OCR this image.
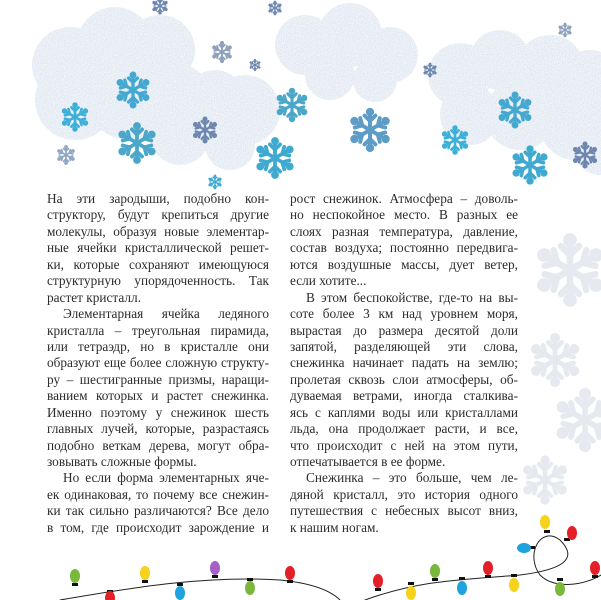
На эти зародыши, подобно кон-
структору, будут крепиться другие
молекулы, образуя новые элементар-
ные ячейки кристаллической решет-
ки, которые сохраняют имеющуюся
структурную упорядоченность. Так
растет кристалл.
Элементарная ячейка ледяного
кристалла – треугольная пирамида,
или тетраэдр, но в кристалле они
образуют еще более сложную структу-
ру – шестигранные призмы, наращи-
ванием которых и растет снежинка.
Именно поэтому у снежинок шесть
главных лучей, которые, разрастаясь
подобно веткам дерева, могут обра-
зовывать сложные формы.
Но если форма элементарных яче-
ек одинаковая, то почему все снежин-
ки так сильно различаются? Все дело
в том, где происходит зарождение и
рост снежинок. Атмосфера – доволь-
но неспокойное место. В разных ее
слоях разная температура, давление,
состав воздуха; постоянно передвига-
ются воздушные массы, дует ветер,
если хотите...
В этом беспокойстве, где-то на вы-
соте более 3 км над уровнем моря,
вырастая до размера десятой доли
запятой, разделяющей эти слова,
снежинка начинает падать на землю;
пролетая сквозь слои атмосферы, об-
дуваемая ветрами, иногда сталкива-
ясь с каплями воды или кристаллами
льда, она продолжает расти, и все,
что происходит с ней на этом пути,
отпечатывается в ее форме.
Снежинка – это больше, чем ле-
дяной кристалл, это история одного
путешествия с небесных высот вниз,
к нашим ногам.
